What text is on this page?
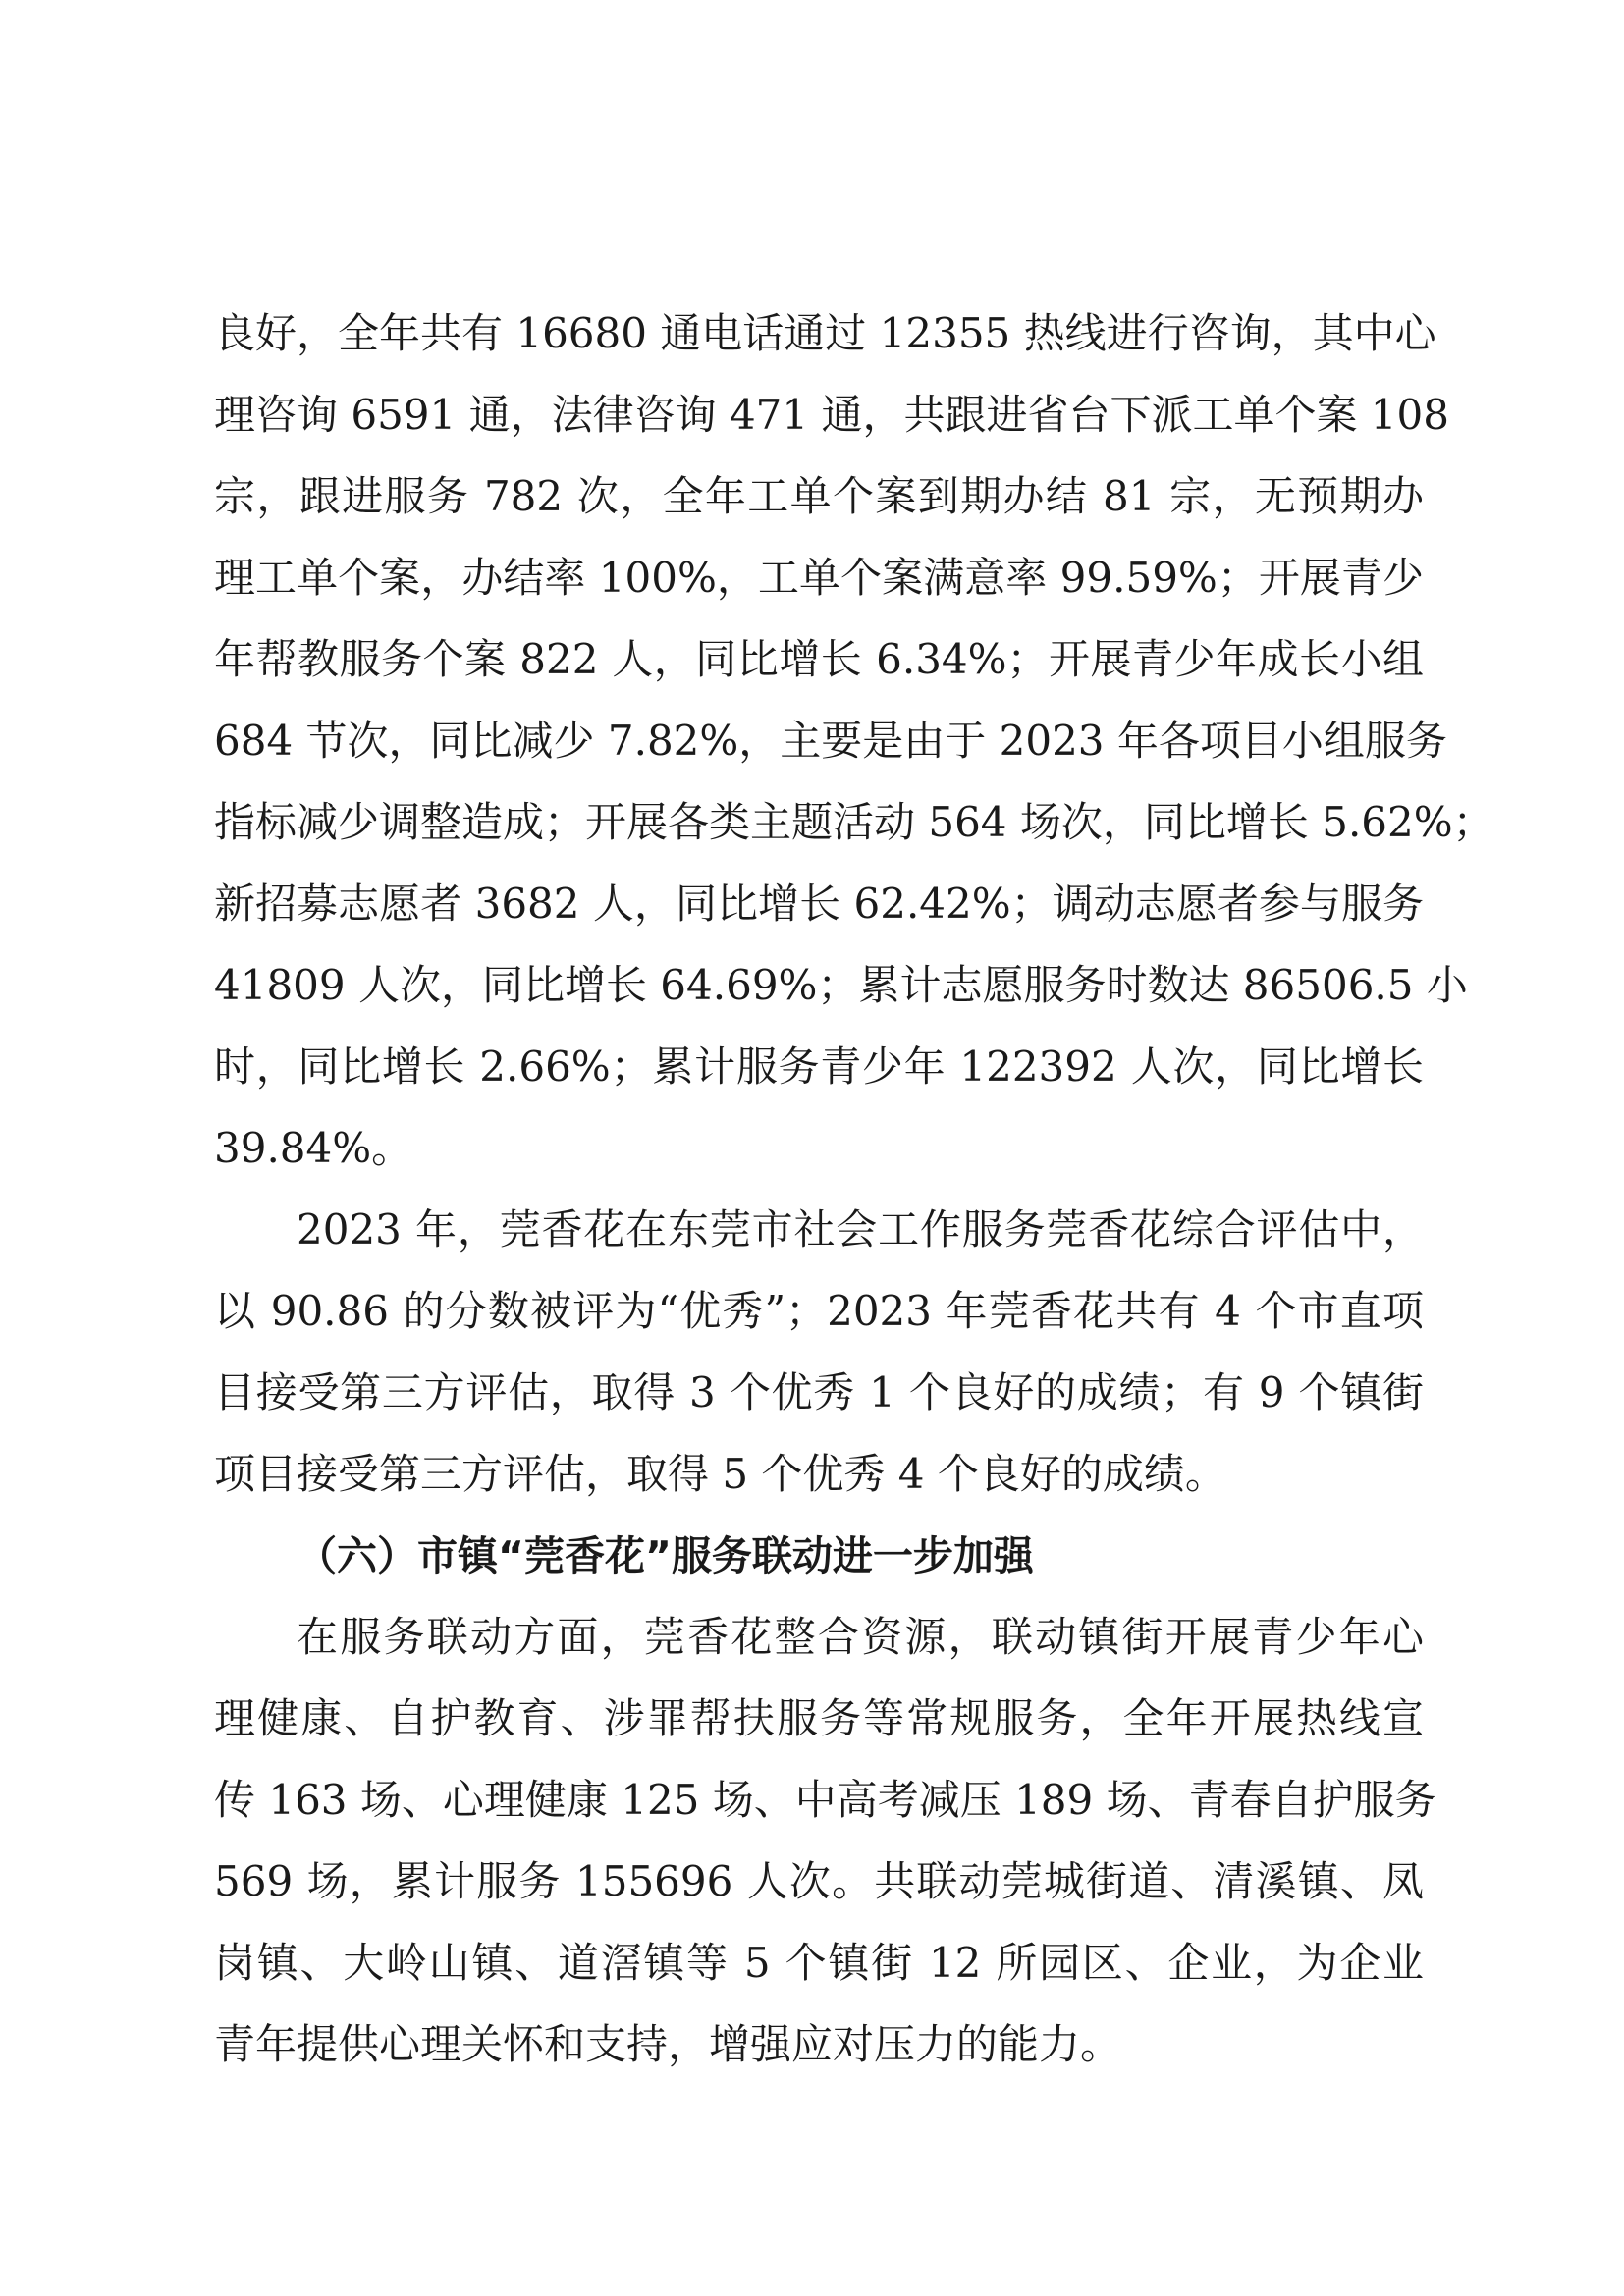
良好，全年共有 16680 通电话通过 12355 热线进行咨询，其中心
理咨询 6591 通，法律咨询 471 通，共跟进省台下派工单个案 108
宗，跟进服务 782 次，全年工单个案到期办结 81 宗，无预期办
理工单个案，办结率 100%，工单个案满意率 99.59%；开展青少
年帮教服务个案 822 人，同比增长 6.34%；开展青少年成长小组
684 节次，同比减少 7.82%，主要是由于 2023 年各项目小组服务
指标减少调整造成；开展各类主题活动 564 场次，同比增长 5.62%；
新招募志愿者 3682 人，同比增长 62.42%；调动志愿者参与服务
41809 人次，同比增长 64.69%；累计志愿服务时数达 86506.5 小
时，同比增长 2.66%；累计服务青少年 122392 人次，同比增长
39.84%。
2023 年，莞香花在东莞市社会工作服务莞香花综合评估中，
以 90.86 的分数被评为“优秀”；2023 年莞香花共有 4 个市直项
目接受第三方评估，取得 3 个优秀 1 个良好的成绩；有 9 个镇街
项目接受第三方评估，取得 5 个优秀 4 个良好的成绩。
（六）市镇“莞香花”服务联动进一步加强
在服务联动方面，莞香花整合资源，联动镇街开展青少年心
理健康、自护教育、涉罪帮扶服务等常规服务，全年开展热线宣
传 163 场、心理健康 125 场、中高考减压 189 场、青春自护服务
569 场，累计服务 155696 人次。共联动莞城街道、清溪镇、凤
岗镇、大岭山镇、道滘镇等 5 个镇街 12 所园区、企业，为企业
青年提供心理关怀和支持，增强应对压力的能力。
